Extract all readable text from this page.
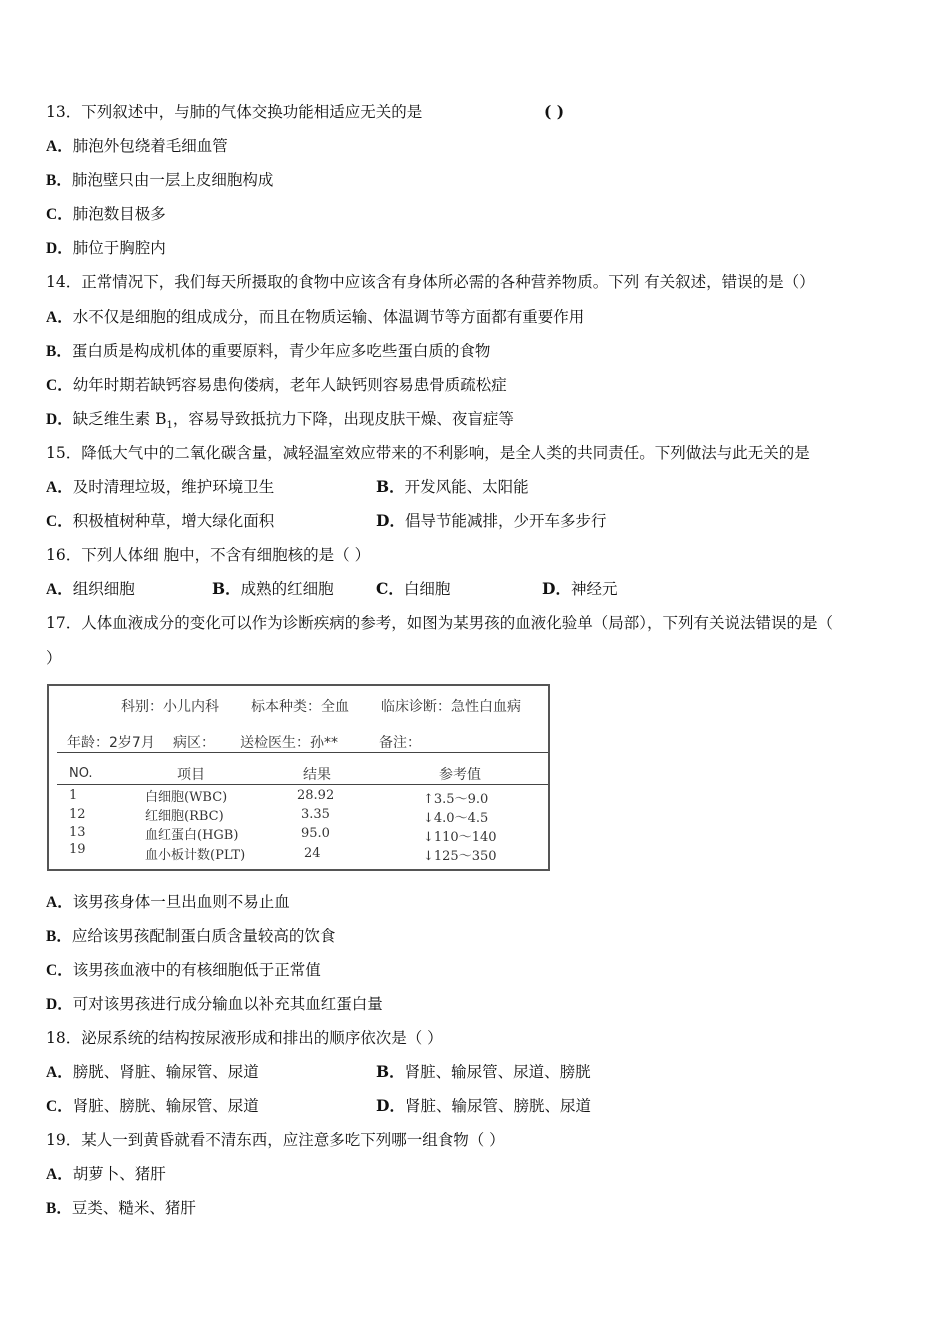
13．下列叙述中，与肺的气体交换功能相适应无关的是	( )
A．肺泡外包绕着毛细血管
B．肺泡壁只由一层上皮细胞构成
C．肺泡数目极多
D．肺位于胸腔内
14．正常情况下，我们每天所摄取的食物中应该含有身体所必需的各种营养物质。下列 有关叙述，错误的是（）
A．水不仅是细胞的组成成分，而且在物质运输、体温调节等方面都有重要作用
B．蛋白质是构成机体的重要原料，青少年应多吃些蛋白质的食物
C．幼年时期若缺钙容易患佝偻病，老年人缺钙则容易患骨质疏松症
D．缺乏维生素 $B_1$，容易导致抵抗力下降，出现皮肤干燥、夜盲症等
15．降低大气中的二氧化碳含量，减轻温室效应带来的不利影响，是全人类的共同责任。下列做法与此无关的是
A．及时清理垃圾，维护环境卫生	B．开发风能、太阳能
C．积极植树种草，增大绿化面积	D．倡导节能减排，少开车多步行
16．下列人体细 胞中，不含有细胞核的是（ ）
A．组织细胞	B．成熟的红细胞	C．白细胞	D．神经元
17．人体血液成分的变化可以作为诊断疾病的参考，如图为某男孩的血液化验单（局部），下列有关说法错误的是（
）
科别：小儿内科 标本种类：全血 临床诊断：急性白血病
年龄：2岁7月 病区： 送检医生：孙**	备注：
NO.	项目	结果	参考值
1	白细胞(WBC)	28.92	↑3.5～9.0
12	红细胞(RBC)	3.35	↓4.0～4.5
13	血红蛋白(HGB)	95.0	↓110～140
19	血小板计数(PLT)	24	↓125～350
A．该男孩身体一旦出血则不易止血
B．应给该男孩配制蛋白质含量较高的饮食
C．该男孩血液中的有核细胞低于正常值
D．可对该男孩进行成分输血以补充其血红蛋白量
18．泌尿系统的结构按尿液形成和排出的顺序依次是（ ）
A．膀胱、肾脏、输尿管、尿道	B．肾脏、输尿管、尿道、膀胱
C．肾脏、膀胱、输尿管、尿道	D．肾脏、输尿管、膀胱、尿道
19．某人一到黄昏就看不清东西，应注意多吃下列哪一组食物（ ）
A．胡萝卜、猪肝
B．豆类、糙米、猪肝
